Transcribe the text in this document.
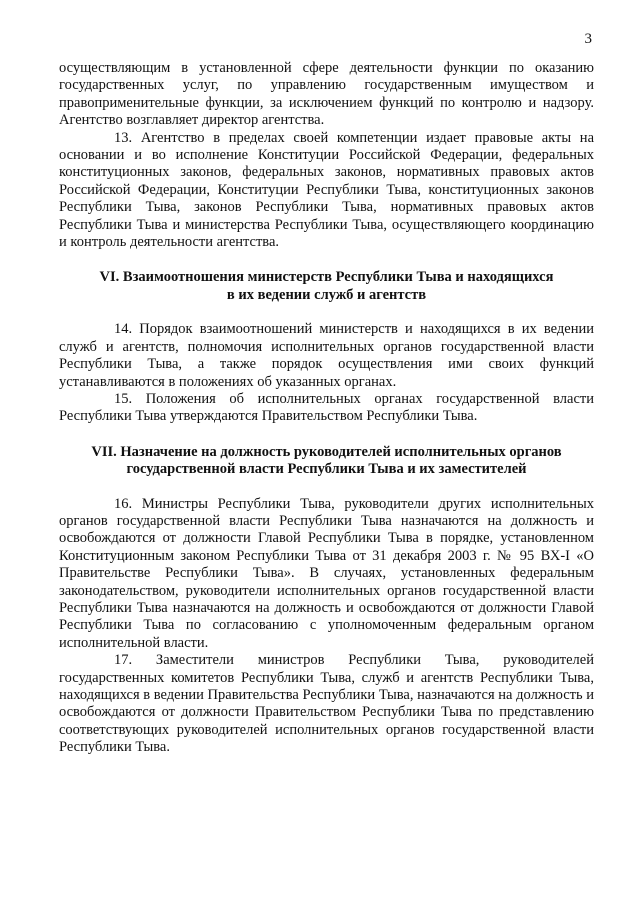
3

осуществляющим в установленной сфере деятельности функции по оказанию государственных услуг, по управлению государственным имуществом и правоприменительные функции, за исключением функций по контролю и надзору. Агентство возглавляет директор агентства.

13. Агентство в пределах своей компетенции издает правовые акты на основании и во исполнение Конституции Российской Федерации, федеральных конституционных законов, федеральных законов, нормативных правовых актов Российской Федерации, Конституции Республики Тыва, конституционных законов Республики Тыва, законов Республики Тыва, нормативных правовых актов Республики Тыва и министерства Республики Тыва, осуществляющего координацию и контроль деятельности агентства.

VI. Взаимоотношения министерств Республики Тыва и находящихся
в их ведении служб и агентств

14. Порядок взаимоотношений министерств и находящихся в их ведении служб и агентств, полномочия исполнительных органов государственной власти Республики Тыва, а также порядок осуществления ими своих функций устанавливаются в положениях об указанных органах.

15. Положения об исполнительных органах государственной власти Республики Тыва утверждаются Правительством Республики Тыва.

VII. Назначение на должность руководителей исполнительных органов
государственной власти Республики Тыва и их заместителей

16. Министры Республики Тыва, руководители других исполнительных органов государственной власти Республики Тыва назначаются на должность и освобождаются от должности Главой Республики Тыва в порядке, установленном Конституционным законом Республики Тыва от 31 декабря 2003 г. № 95 ВХ-I «О Правительстве Республики Тыва». В случаях, установленных федеральным законодательством, руководители исполнительных органов государственной власти Республики Тыва назначаются на должность и освобождаются от должности Главой Республики Тыва по согласованию с уполномоченным федеральным органом исполнительной власти.

17. Заместители министров Республики Тыва, руководителей государственных комитетов Республики Тыва, служб и агентств Республики Тыва, находящихся в ведении Правительства Республики Тыва, назначаются на должность и освобождаются от должности Правительством Республики Тыва по представлению соответствующих руководителей исполнительных органов государственной власти Республики Тыва.
